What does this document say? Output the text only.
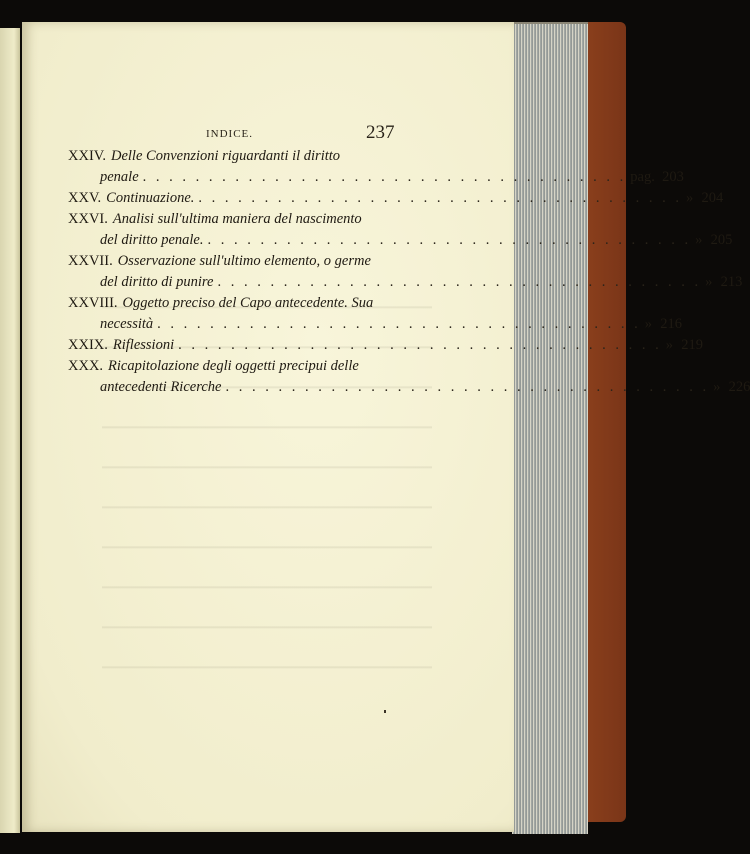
INDICE.	237
XXIV. Delle Convenzioni riguardanti il diritto
penale . . . . . . . . . . . . . . . . . . . . . . . . . . . . . . . . . . . . . pag. 203
XXV. Continuazione. . . . . . . . . . . . . . . . . . . . . . . . . . . . . . . . . . . . . . » 204
XXVI. Analisi sull'ultima maniera del nascimento
del diritto penale. . . . . . . . . . . . . . . . . . . . . . . . . . . . . . . . . . . . . . » 205
XXVII. Osservazione sull'ultimo elemento, o germe
del diritto di punire . . . . . . . . . . . . . . . . . . . . . . . . . . . . . . . . . . . . . » 213
XXVIII. Oggetto preciso del Capo antecedente. Sua
necessità . . . . . . . . . . . . . . . . . . . . . . . . . . . . . . . . . . . . . » 216
XXIX. Riflessioni . . . . . . . . . . . . . . . . . . . . . . . . . . . . . . . . . . . . . » 219
XXX. Ricapitolazione degli oggetti precipui delle
antecedenti Ricerche . . . . . . . . . . . . . . . . . . . . . . . . . . . . . . . . . . . . . » 226
